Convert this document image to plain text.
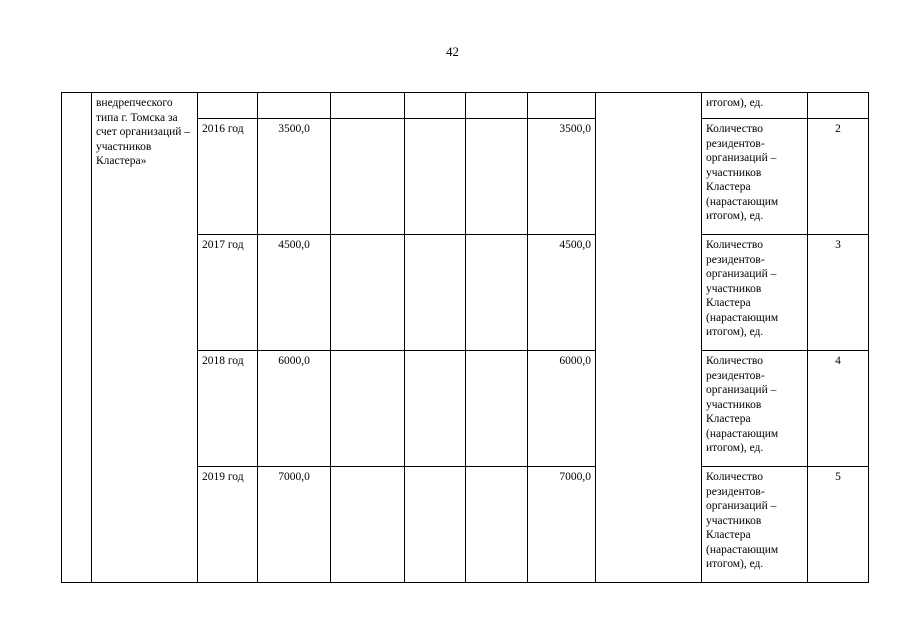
42
	внедрепческого типа г. Томска за счет организаций – участников Кластера»								итогом), ед.	
		2016 год	3500,0				3500,0		Количество резидентов-организаций – участников Кластера (нарастающим итогом), ед.	2
		2017 год	4500,0				4500,0		Количество резидентов-организаций – участников Кластера (нарастающим итогом), ед.	3
		2018 год	6000,0				6000,0		Количество резидентов-организаций – участников Кластера (нарастающим итогом), ед.	4
		2019 год	7000,0				7000,0		Количество резидентов-организаций – участников Кластера (нарастающим итогом), ед.	5
